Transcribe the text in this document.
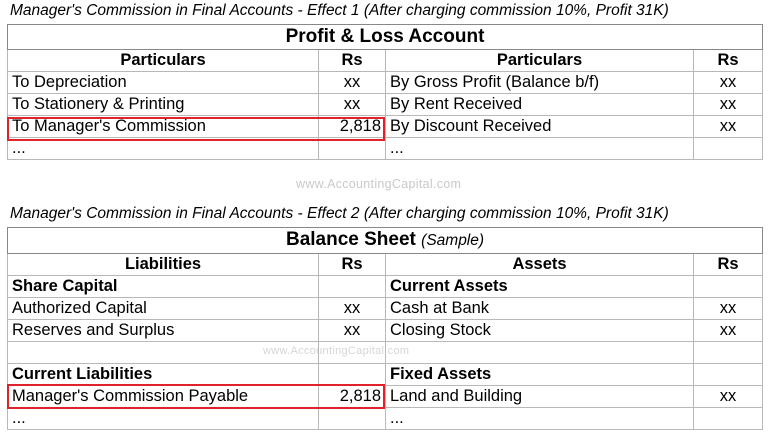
Manager's Commission in Final Accounts - Effect 1 (After charging commission 10%, Profit 31K)
Profit & Loss Account			
Particulars	Rs	Particulars	Rs
To Depreciation	xx	By Gross Profit (Balance b/f)	xx
To Stationery & Printing	xx	By Rent Received	xx
To Manager's Commission	2,818	By Discount Received	xx
...		...	
www.AccountingCapital.com
Manager's Commission in Final Accounts - Effect 2 (After charging commission 10%, Profit 31K)
Balance Sheet (Sample)			
Liabilities	Rs	Assets	Rs
Share Capital		Current Assets	
Authorized Capital	xx	Cash at Bank	xx
Reserves and Surplus	xx	Closing Stock	xx

Current Liabilities		Fixed Assets	
Manager's Commission Payable	2,818	Land and Building	xx
...		...	
www.AccountingCapital.com
